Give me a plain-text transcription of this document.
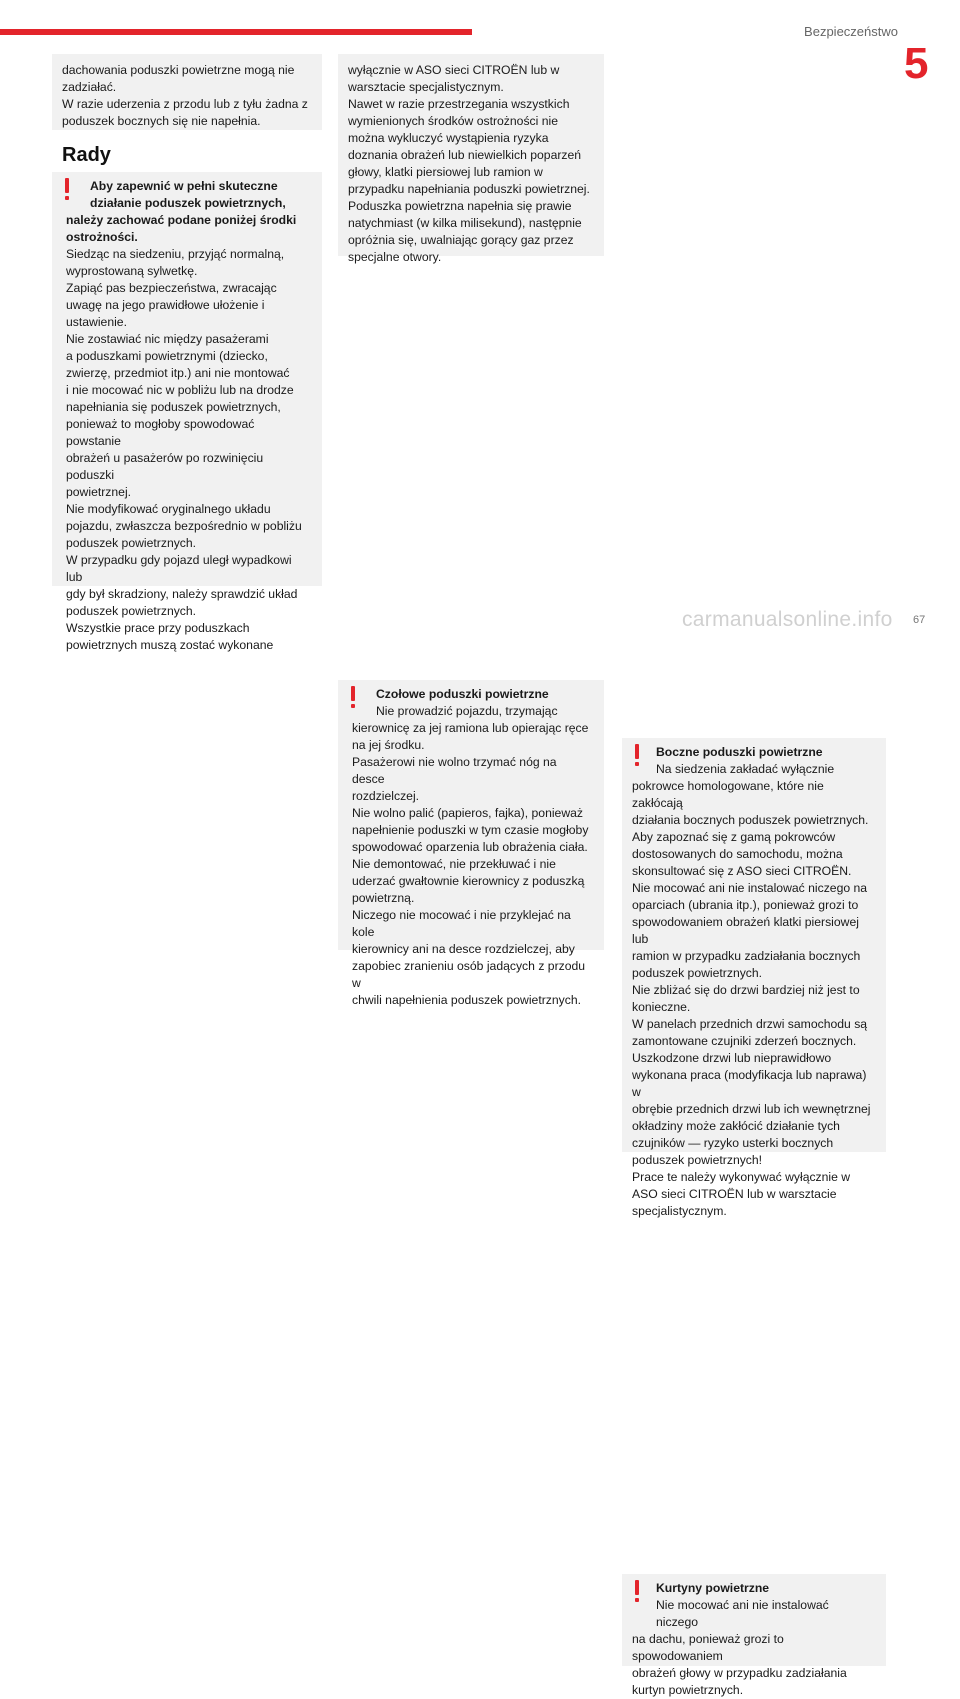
Bezpieczeństwo
5

dachowania poduszki powietrzne mogą nie

zadziałać.

W razie uderzenia z przodu lub z tyłu żadna z

poduszek bocznych się nie napełnia.

Rady

Aby zapewnić w pełni skuteczne

działanie poduszek powietrznych,

należy zachować podane poniżej środki

ostrożności.

Siedząc na siedzeniu, przyjąć normalną,

wyprostowaną sylwetkę.

Zapiąć pas bezpieczeństwa, zwracając

uwagę na jego prawidłowe ułożenie i

ustawienie.

Nie zostawiać nic między pasażerami

a poduszkami powietrznymi (dziecko,

zwierzę, przedmiot itp.) ani nie montować

i nie mocować nic w pobliżu lub na drodze

napełniania się poduszek powietrznych,

ponieważ to mogłoby spowodować powstanie

obrażeń u pasażerów po rozwinięciu poduszki

powietrznej.

Nie modyfikować oryginalnego układu

pojazdu, zwłaszcza bezpośrednio w pobliżu

poduszek powietrznych.

W przypadku gdy pojazd uległ wypadkowi lub

gdy był skradziony, należy sprawdzić układ

poduszek powietrznych.

Wszystkie prace przy poduszkach

powietrznych muszą zostać wykonane

wyłącznie w ASO sieci CITROËN lub w

warsztacie specjalistycznym.

Nawet w razie przestrzegania wszystkich

wymienionych środków ostrożności nie

można wykluczyć wystąpienia ryzyka

doznania obrażeń lub niewielkich poparzeń

głowy, klatki piersiowej lub ramion w

przypadku napełniania poduszki powietrznej.

Poduszka powietrzna napełnia się prawie

natychmiast (w kilka milisekund), następnie

opróżnia się, uwalniając gorący gaz przez

specjalne otwory.

Czołowe poduszki powietrzne

Nie prowadzić pojazdu, trzymając

kierownicę za jej ramiona lub opierając ręce

na jej środku.

Pasażerowi nie wolno trzymać nóg na desce

rozdzielczej.

Nie wolno palić (papieros, fajka), ponieważ

napełnienie poduszki w tym czasie mogłoby

spowodować oparzenia lub obrażenia ciała.

Nie demontować, nie przekłuwać i nie

uderzać gwałtownie kierownicy z poduszką

powietrzną.

Niczego nie mocować i nie przyklejać na kole

kierownicy ani na desce rozdzielczej, aby

zapobiec zranieniu osób jadących z przodu w

chwili napełnienia poduszek powietrznych.

Boczne poduszki powietrzne

Na siedzenia zakładać wyłącznie

pokrowce homologowane, które nie zakłócają

działania bocznych poduszek powietrznych.

Aby zapoznać się z gamą pokrowców

dostosowanych do samochodu, można

skonsultować się z ASO sieci CITROËN.

Nie mocować ani nie instalować niczego na

oparciach (ubrania itp.), ponieważ grozi to

spowodowaniem obrażeń klatki piersiowej lub

ramion w przypadku zadziałania bocznych

poduszek powietrznych.

Nie zbliżać się do drzwi bardziej niż jest to

konieczne.

W panelach przednich drzwi samochodu są

zamontowane czujniki zderzeń bocznych.

Uszkodzone drzwi lub nieprawidłowo

wykonana praca (modyfikacja lub naprawa) w

obrębie przednich drzwi lub ich wewnętrznej

okładziny może zakłócić działanie tych

czujników — ryzyko usterki bocznych

poduszek powietrznych!

Prace te należy wykonywać wyłącznie w

ASO sieci CITROËN lub w warsztacie

specjalistycznym.

Kurtyny powietrzne

Nie mocować ani nie instalować niczego

na dachu, ponieważ grozi to spowodowaniem

obrażeń głowy w przypadku zadziałania

kurtyn powietrznych.

carmanualsonline.info 67
